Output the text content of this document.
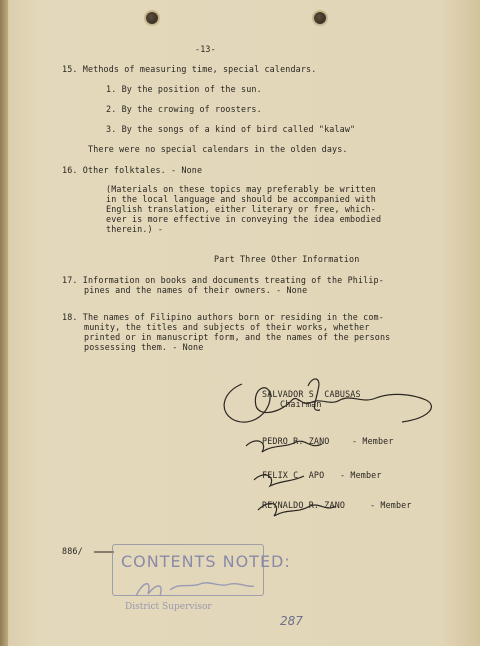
-13-
15. Methods of measuring time, special calendars.
1. By the position of the sun.
2. By the crowing of roosters.
3. By the songs of a kind of bird called "kalaw"
There were no special calendars in the olden days.
16. Other folktales. - None
(Materials on these topics may preferably be written
in the local language and should be accompanied with
English translation, either literary or free, which-
ever is more effective in conveying the idea embodied
therein.) -
Part Three Other Information
17. Information on books and documents treating of the Philip-
pines and the names of their owners. - None
18. The names of Filipino authors born or residing in the com-
munity, the titles and subjects of their works, whether
printed or in manuscript form, and the names of the persons
possessing them. - None
SALVADOR S. CABUSAS
Chairman
PEDRO R. ZANO	- Member
FELIX C. APO - Member
REYNALDO R. ZANO	- Member
886/
CONTENTS NOTED:
District Supervisor
287
